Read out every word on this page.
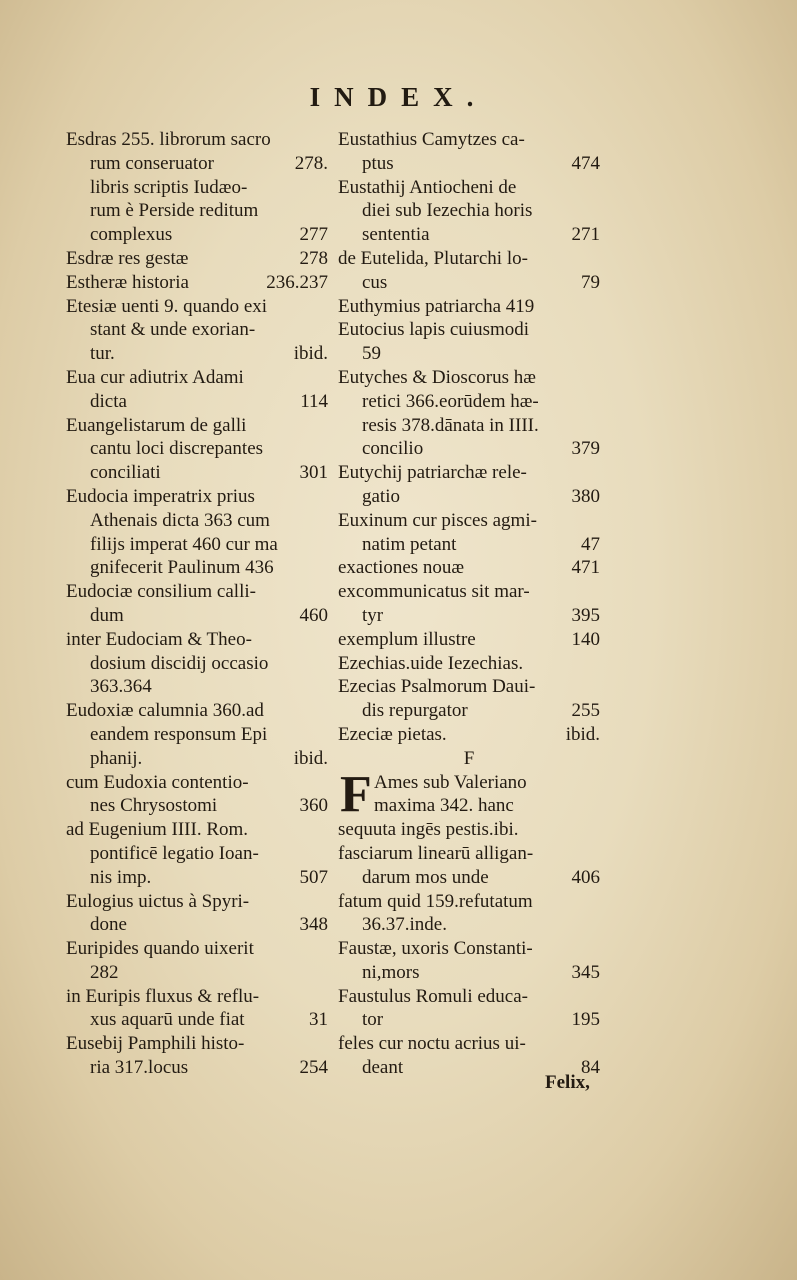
INDEX.
Esdras 255. librorum sacro
rum conseruator	278.
libris scriptis Iudæo-
rum è Perside reditum
complexus	277
Esdræ res gestæ	278
Estheræ historia	236.237
Etesiæ uenti 9. quando exi
stant & unde exorian-
tur.	ibid.
Eua cur adiutrix Adami
dicta	114
Euangelistarum de galli
cantu loci discrepantes
conciliati	301
Eudocia imperatrix prius
Athenais dicta 363 cum
filijs imperat 460 cur ma
gnifecerit Paulinum 436
Eudociæ consilium calli-
dum	460
inter Eudociam & Theo-
dosium discidij occasio
363.364
Eudoxiæ calumnia 360.ad
eandem responsum Epi
phanij.	ibid.
cum Eudoxia contentio-
nes Chrysostomi	360
ad Eugenium IIII. Rom.
pontificē legatio Ioan-
nis imp.	507
Eulogius uictus à Spyri-
done	348
Euripides quando uixerit
282
in Euripis fluxus & reflu-
xus aquarū unde fiat	31
Eusebij Pamphili histo-
ria 317.locus	254
Eustathius Camytzes ca-
ptus	474
Eustathij Antiocheni de
diei sub Iezechia horis
sententia	271
de Eutelida, Plutarchi lo-
cus	79
Euthymius patriarcha 419
Eutocius lapis cuiusmodi
59
Eutyches & Dioscorus hæ
retici 366.eorūdem hæ-
resis 378.dānata in IIII.
concilio	379
Eutychij patriarchæ rele-
gatio	380
Euxinum cur pisces agmi-
natim petant	47
exactiones nouæ	471
excommunicatus sit mar-
tyr	395
exemplum illustre	140
Ezechias.uide Iezechias.
Ezecias Psalmorum Daui-
dis repurgator	255
Ezeciæ pietas.	ibid.
F
F Ames sub Valeriano
maxima 342. hanc
sequuta ingēs pestis.ibi.
fasciarum linearū alligan-
darum mos unde	406
fatum quid 159.refutatum
36.37.inde.
Faustæ, uxoris Constanti-
ni,mors	345
Faustulus Romuli educa-
tor	195
feles cur noctu acrius ui-
deant	84
Felix,
